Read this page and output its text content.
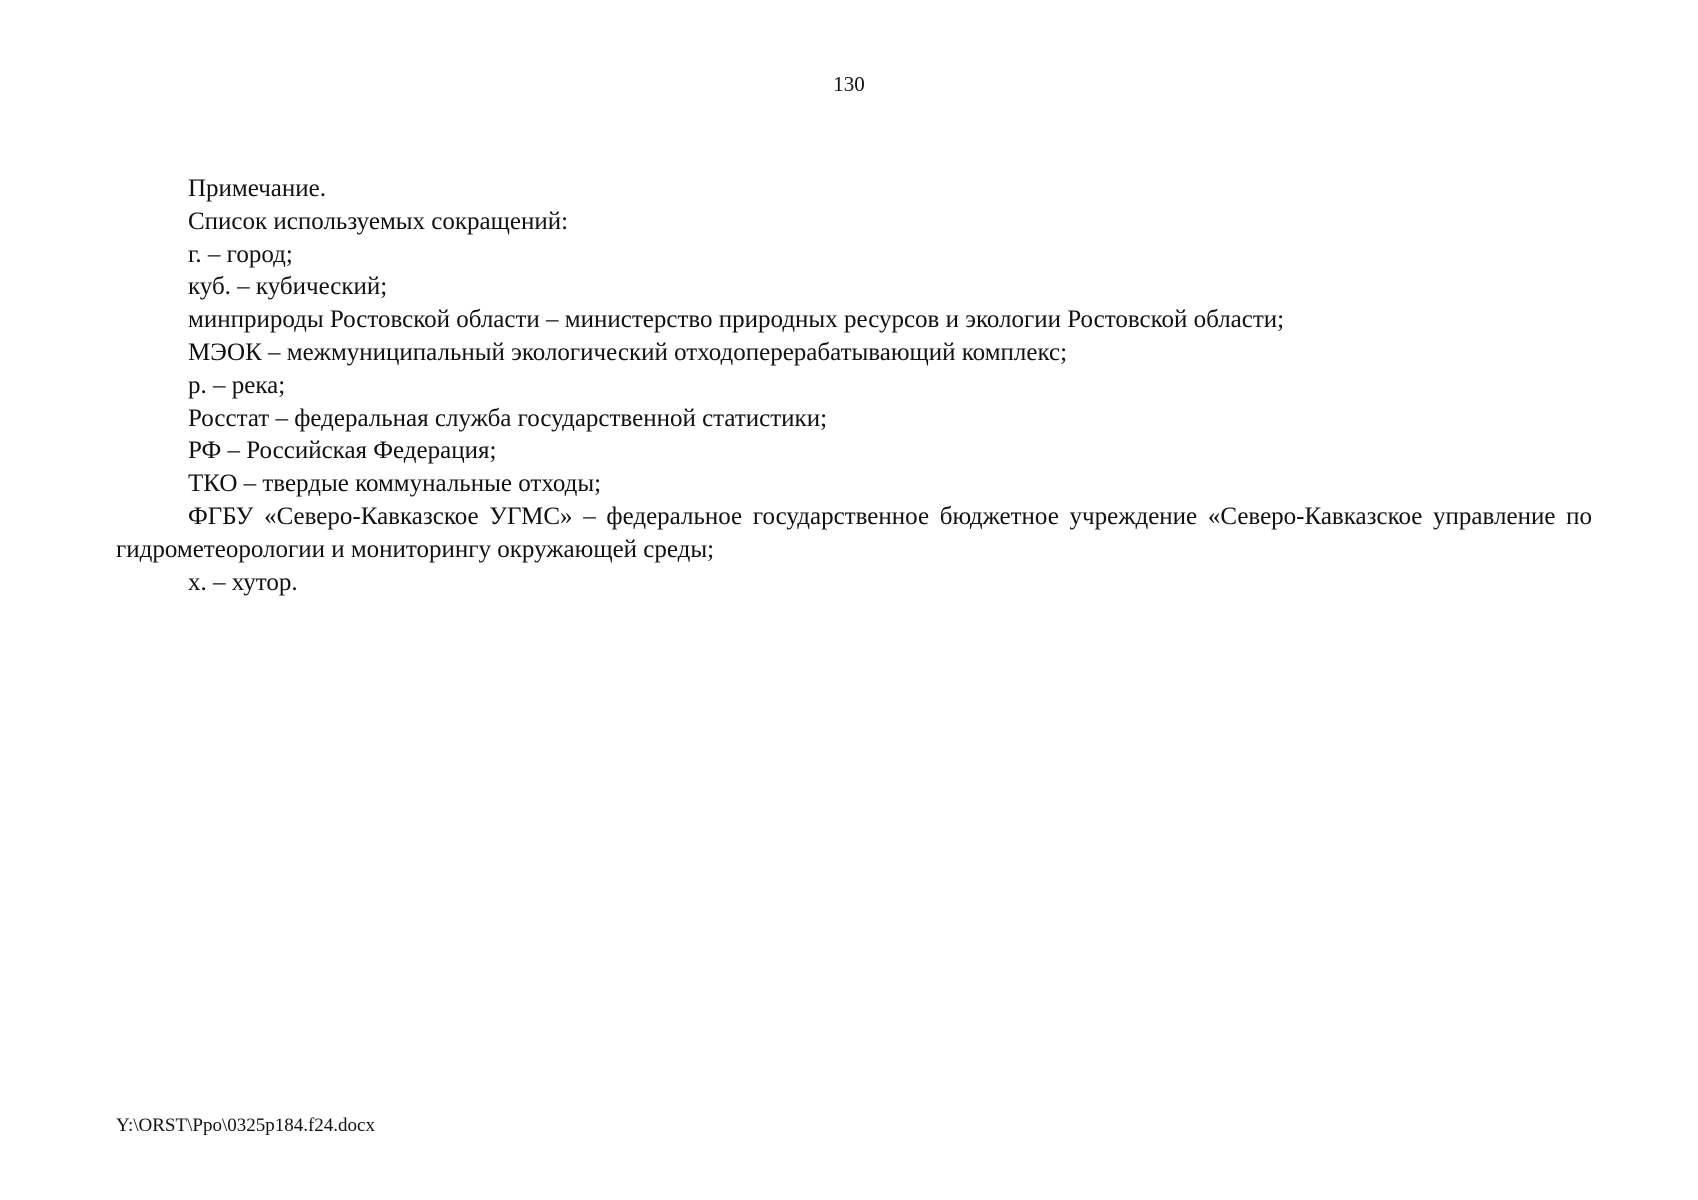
130

Примечание.

Список используемых сокращений:

г. – город;

куб. – кубический;

минприроды Ростовской области – министерство природных ресурсов и экологии Ростовской области;

МЭОК – межмуниципальный экологический отходоперерабатывающий комплекс;

р. – река;

Росстат – федеральная служба государственной статистики;

РФ – Российская Федерация;

ТКО – твердые коммунальные отходы;

ФГБУ «Северо-Кавказское УГМС» – федеральное государственное бюджетное учреждение «Северо-Кавказское управление по гидрометеорологии и мониторингу окружающей среды;

х. – хутор.

Y:\ORST\Ppo\0325p184.f24.docx
